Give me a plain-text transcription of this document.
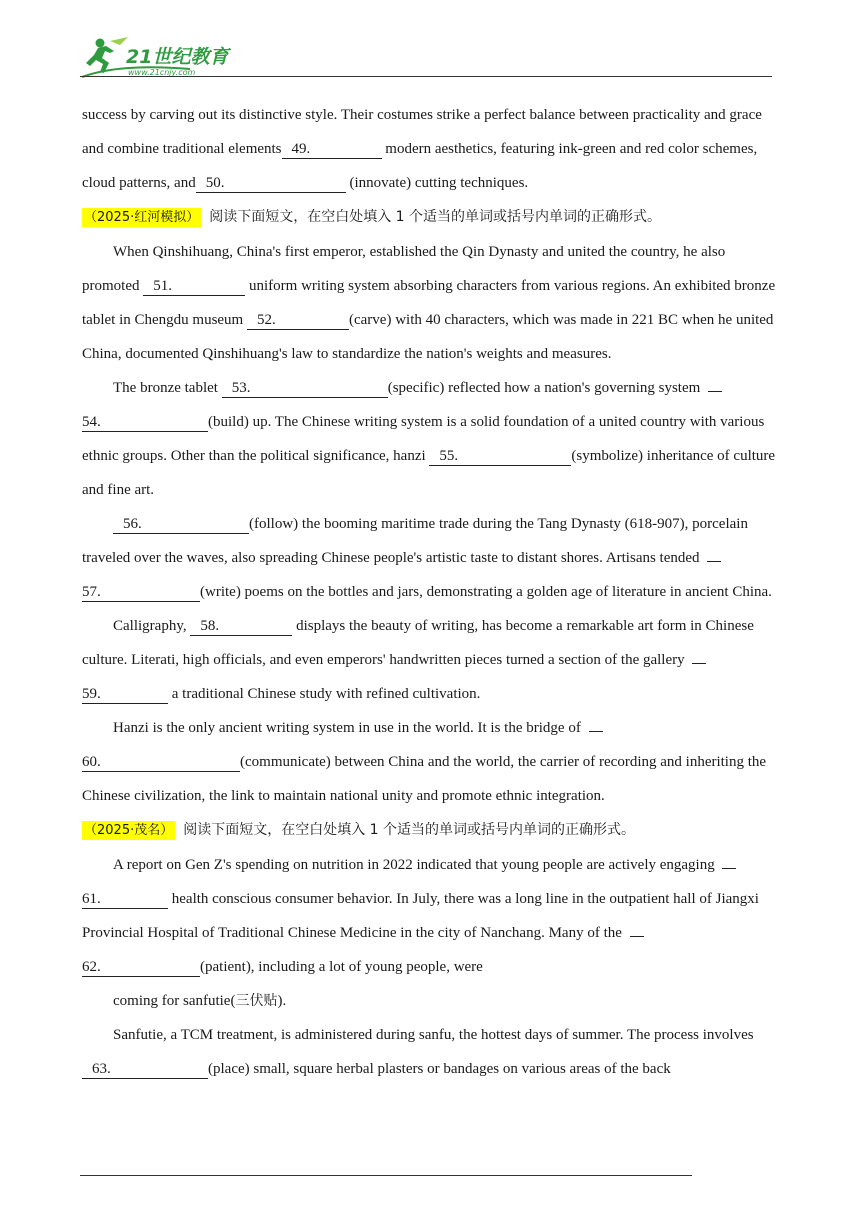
21世纪教育
www.21cnjy.com

success by carving out its distinctive style. Their costumes strike a perfect balance between practicality and grace and combine traditional elements 49.	modern aesthetics, featuring ink-green and red color schemes, cloud patterns, and 50.	(innovate) cutting techniques.

（2025·红河模拟） 阅读下面短文，在空白处填入 1 个适当的单词或括号内单词的正确形式。

When Qinshihuang, China's first emperor, established the Qin Dynasty and united the country, he also promoted 51.	uniform writing system absorbing characters from various regions. An exhibited bronze tablet in Chengdu museum 52.	(carve) with 40 characters, which was made in 221 BC when he united China, documented Qinshihuang's law to standardize the nation's weights and measures.

The bronze tablet 53.	(specific) reflected how a nation's governing system
54.	(build) up. The Chinese writing system is a solid foundation of a united country with various ethnic groups. Other than the political significance, hanzi 55.	(symbolize) inheritance of culture and fine art.

56.	(follow) the booming maritime trade during the Tang Dynasty (618-907), porcelain traveled over the waves, also spreading Chinese people's artistic taste to distant shores. Artisans tended
57.	(write) poems on the bottles and jars, demonstrating a golden age of literature in ancient China.

Calligraphy, 58.	displays the beauty of writing, has become a remarkable art form in Chinese culture. Literati, high officials, and even emperors' handwritten pieces turned a section of the gallery
59.	a traditional Chinese study with refined cultivation.

Hanzi is the only ancient writing system in use in the world. It is the bridge of
60.	(communicate) between China and the world, the carrier of recording and inheriting the Chinese civilization, the link to maintain national unity and promote ethnic integration.

（2025·茂名） 阅读下面短文，在空白处填入 1 个适当的单词或括号内单词的正确形式。

A report on Gen Z's spending on nutrition in 2022 indicated that young people are actively engaging
61.	health conscious consumer behavior. In July, there was a long line in the outpatient hall of Jiangxi Provincial Hospital of Traditional Chinese Medicine in the city of Nanchang. Many of the
62.	(patient), including a lot of young people, were

coming for sanfutie(三伏贴).

Sanfutie, a TCM treatment, is administered during sanfu, the hottest days of summer. The process involves 63.	(place) small, square herbal plasters or bandages on various areas of the back
